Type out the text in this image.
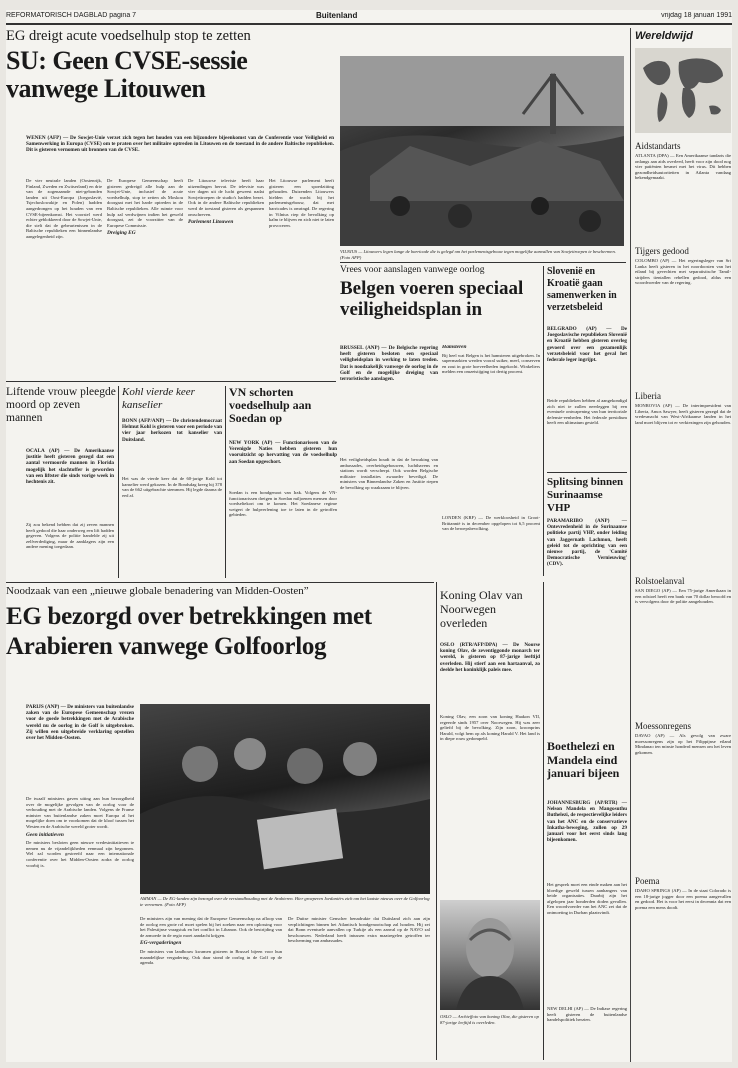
REFORMATORISCH DAGBLAD pagina 7	Buitenland	vrijdag 18 januari 1991
EG dreigt acute voedselhulp stop te zetten
SU: Geen CVSE-sessie vanwege Litouwen
WENEN (AFP) — De Sowjet-Unie verzet zich tegen het houden van een bijzondere bijeenkomst van de Conferentie voor Veiligheid en Samenwerking in Europa (CVSE) om te praten over het militaire optreden in Litouwen en de toestand in de andere Baltische republieken. Dit is gisteren vernomen uit bronnen van de CVSE.
De vier neutrale landen (Oostenrijk, Finland, Zweden en Zwitserland) en drie van de zogenaamde niet-gebonden landen uit Oost-Europa (Joegoslavië, Tsjechoslowakije en Polen) hadden aangedrongen op het houden van een CVSE-bijeenkomst. Het voorstel werd echter geblokkeerd door de Sowjet-Unie, die stelt dat de gebeurtenissen in de Baltische republieken een binnenlandse aangelegenheid zijn.
De Europese Gemeenschap heeft gisteren gedreigd alle hulp aan de Sowjet-Unie, inclusief de acute voedselhulp, stop te zetten als Moskou doorgaat met het harde optreden in de Baltische republieken. Alle ruimte voor hulp zal verdwijnen indien het geweld doorgaat, zei de voorzitter van de Europese Commissie.
Dreiging EG
De Litouwse televisie heeft haar uitzendingen hervat. De televisie was vier dagen uit de lucht geweest nadat Sowjettroepen de studio's hadden bezet. Ook in de andere Baltische republieken werd de toestand gisteren als gespannen omschreven.
Parlement Litouwen
Het Litouwse parlement heeft gisteren een spoedzitting gehouden. Duizenden Litouwers hielden de wacht bij het parlementsgebouw, dat met barricades is omringd. De regering in Vilnius riep de bevolking op kalm te blijven en zich niet te laten provoceren.
VILNIUS — Litouwers legen lange de barricade die is gelegd om het parlementsgebouw tegen mogelijke aanvallen van Sowjettroepen te beschermen. (Foto AFP)
Wereldwijd
Aidstandarts
ATLANTA (DPA) — Een Amerikaanse tandarts die onlangs aan aids overleed, heeft voor zijn dood nog vier patiënten besmet met het virus. Dit hebben gezondheidsautoriteiten in Atlanta vandaag bekendgemaakt.
Tijgers gedood
COLOMBO (AP) — Het regeringsleger van Sri Lanka heeft gisteren in het noordoosten van het eiland bij gevechten met separatistische Tamil-strijders tientallen rebellen gedood, aldus een woordvoerder van de regering.
Liberia
MONROVIA (AP) — De interimpresident van Liberia, Amos Sawyer, heeft gisteren gezegd dat de vredesmacht van West-Afrikaanse landen in het land moet blijven tot er verkiezingen zijn gehouden.
Rolstoelanval
SAN DIEGO (AP) — Een 75-jarige Amerikaan in een rolstoel heeft een bank van 70 dollar beroofd en is vervolgens door de politie aangehouden.
Moessonregens
DAVAO (AP) — Als gevolg van zware moessonregens zijn op het Filippijnse eiland Mindanao ten minste honderd mensen om het leven gekomen.
Poema
IDAHO SPRINGS (AP) — In de staat Colorado is een 18-jarige jogger door een poema aangevallen en gedood. Het is voor het eerst in decennia dat een poema een mens doodt.
Vrees voor aanslagen vanwege oorlog
Belgen voeren speciaal veiligheidsplan in
BRUSSEL (ANP) — De Belgische regering heeft gisteren besloten een speciaal veiligheidsplan in werking te laten treden. Dat is noodzakelijk vanwege de oorlog in de Golf en de mogelijke dreiging van terroristische aanslagen.
Het veiligheidsplan houdt in dat de bewaking van ambassades, overheidsgebouwen, luchthavens en stations wordt verscherpt. Ook worden Belgische militaire installaties zwaarder beveiligd. De ministers van Binnenlandse Zaken en Justitie riepen de bevolking op waakzaam te blijven.
Hamsteren
Bij heel wat Belgen is het hamsteren uitgebroken. In supermarkten werden vooral suiker, meel, conserven en zout in grote hoeveelheden ingekocht. Winkeliers melden een omzetstijging tot dertig procent.
LONDEN (KRF) — De werkloosheid in Groot-Brittannië is in december opgelopen tot 6,5 procent van de beroepsbevolking.
Slovenië en Kroatië gaan samenwerken in verzetsbeleid
BELGRADO (AP) — De Joegoslavische republieken Slovenië en Kroatië hebben gisteren overleg gevoerd over een gezamenlijk verzetsbeleid voor het geval het federale leger ingrijpt.
Beide republieken hebben al aangekondigd zich niet te zullen neerleggen bij een eventuele ontwapening van hun territoriale defensie-eenheden. Het federale presidium heeft een ultimatum gesteld.
Splitsing binnen Surinaamse VHP
PARAMARIBO (ANP) — Ontevredenheid in de Surinaamse politieke partij VHP, onder leiding van Jaggernath Lachmon, heeft geleid tot de oprichting van een nieuwe partij, de 'Comité Democratische Vernieuwing' (CDV).
Liftende vrouw pleegde moord op zeven mannen
OCALA (AP) — De Amerikaanse justitie heeft gisteren gezegd dat een aantal vermoorde mannen in Florida mogelijk het slachtoffer is geworden van een liftster die sinds vorige week in hechtenis zit.
Zij zou bekend hebben dat zij zeven mannen heeft gedood die haar onderweg een lift hadden gegeven. Volgens de politie handelde zij uit zelfverdediging, maar de aanklagers zijn een andere mening toegedaan.
Kohl vierde keer kanselier
BONN (AFP/ANP) — De christendemocraat Helmut Kohl is gisteren voor een periode van vier jaar herkozen tot kanselier van Duitsland.
Het was de vierde keer dat de 60-jarige Kohl tot kanselier werd gekozen. In de Bondsdag kreeg hij 378 van de 662 uitgebrachte stemmen. Hij legde daarna de eed af.
VN schorten voedselhulp aan Soedan op
NEW YORK (AP) — Functionarissen van de Verenigde Naties hebben gisteren hun vooruitzicht op hervatting van de voedselhulp aan Soedan opgeschort.
Soedan is een bondgenoot van Irak. Volgens de VN-functionarissen dreigen in Soedan miljoenen mensen door voedseltekort om te komen. Het Soedanese regime weigert de hulpverlening toe te laten in de getroffen gebieden.
Koning Olav van Noorwegen overleden
OSLO (RTR/AFP/DPA) — De Noorse koning Olav, de zeventiggonde monarch ter wereld, is gisteren op 87-jarige leeftijd overleden. Hij stierf aan een hartaanval, zo deelde het koninklijk paleis mee.
Koning Olav, een zoon van koning Haakon VII, regeerde sinds 1957 over Noorwegen. Hij was zeer geliefd bij de bevolking. Zijn zoon, kroonprins Harald, volgt hem op als koning Harald V. Het land is in diepe rouw gedompeld.
OSLO — Archieffoto van koning Olav, die gisteren op 87-jarige leeftijd is overleden.
Boethelezi en Mandela eind januari bijeen
JOHANNESBURG (AP/RTR) — Nelson Mandela en Mangosuthu Buthelezi, de respectievelijke leiders van het ANC en de conservatieve Inkatha-beweging, zullen op 29 januari voor het eerst sinds lang bijeenkomen.
Het gesprek moet een einde maken aan het bloedige geweld tussen aanhangers van beide organisaties. Daarbij zijn het afgelopen jaar honderden doden gevallen. Een woordvoerder van het ANC zei dat de ontmoeting in Durban plaatsvindt.
NEW DELHI (AP) — De Indiase regering heeft gisteren de buitenlandse handelspolitiek herzien.
Noodzaak van een „nieuwe globale benadering van Midden-Oosten”
EG bezorgd over betrekkingen met Arabieren vanwege Golfoorlog
PARIJS (ANP) — De ministers van buitenlandse zaken van de Europese Gemeenschap vrezen voor de goede betrekkingen met de Arabische wereld nu de oorlog in de Golf is uitgebroken. Zij willen een uitgebreide verklaring opstellen over het Midden-Oosten.
De twaalf ministers gaven uiting aan hun bezorgdheid over de mogelijke gevolgen van de oorlog voor de verhouding met de Arabische landen. Volgens de Franse minister van buitenlandse zaken moet Europa al het mogelijke doen om te voorkomen dat de kloof tussen het Westen en de Arabische wereld groter wordt.
Geen initiatieven
De ministers besloten geen nieuwe vredesinitiatieven te nemen nu de vijandelijkheden eenmaal zijn begonnen. Wel zal worden gestreefd naar een internationale conferentie over het Midden-Oosten zodra de oorlog voorbij is.
AMMAN — De EG-landen zijn bezorgd over de verstandhouding met de Arabieren. Hier groeperen Jordaniërs zich om het laatste nieuws over de Golfoorlog te vernemen. (Foto AFP)
De ministers zijn van mening dat de Europese Gemeenschap na afloop van de oorlog een grote rol moet spelen bij het zoeken naar een oplossing voor het Palestijnse vraagstuk en het conflict in Libanon. Ook de bestrijding van de armoede in de regio moet aandacht krijgen.
EG-vergaderingen
De ministers van landbouw kwamen gisteren in Brussel bijeen voor hun maandelijkse vergadering. Ook daar stond de oorlog in de Golf op de agenda.
De Duitse minister Genscher benadrukte dat Duitsland zich aan zijn verplichtingen binnen het Atlantisch bondgenootschap zal houden. Hij zei dat Bonn eventuele aanvallen op Turkije als een aanval op de NAVO zal beschouwen. Nederland heeft intussen extra maatregelen getroffen ter bescherming van ambassades.
